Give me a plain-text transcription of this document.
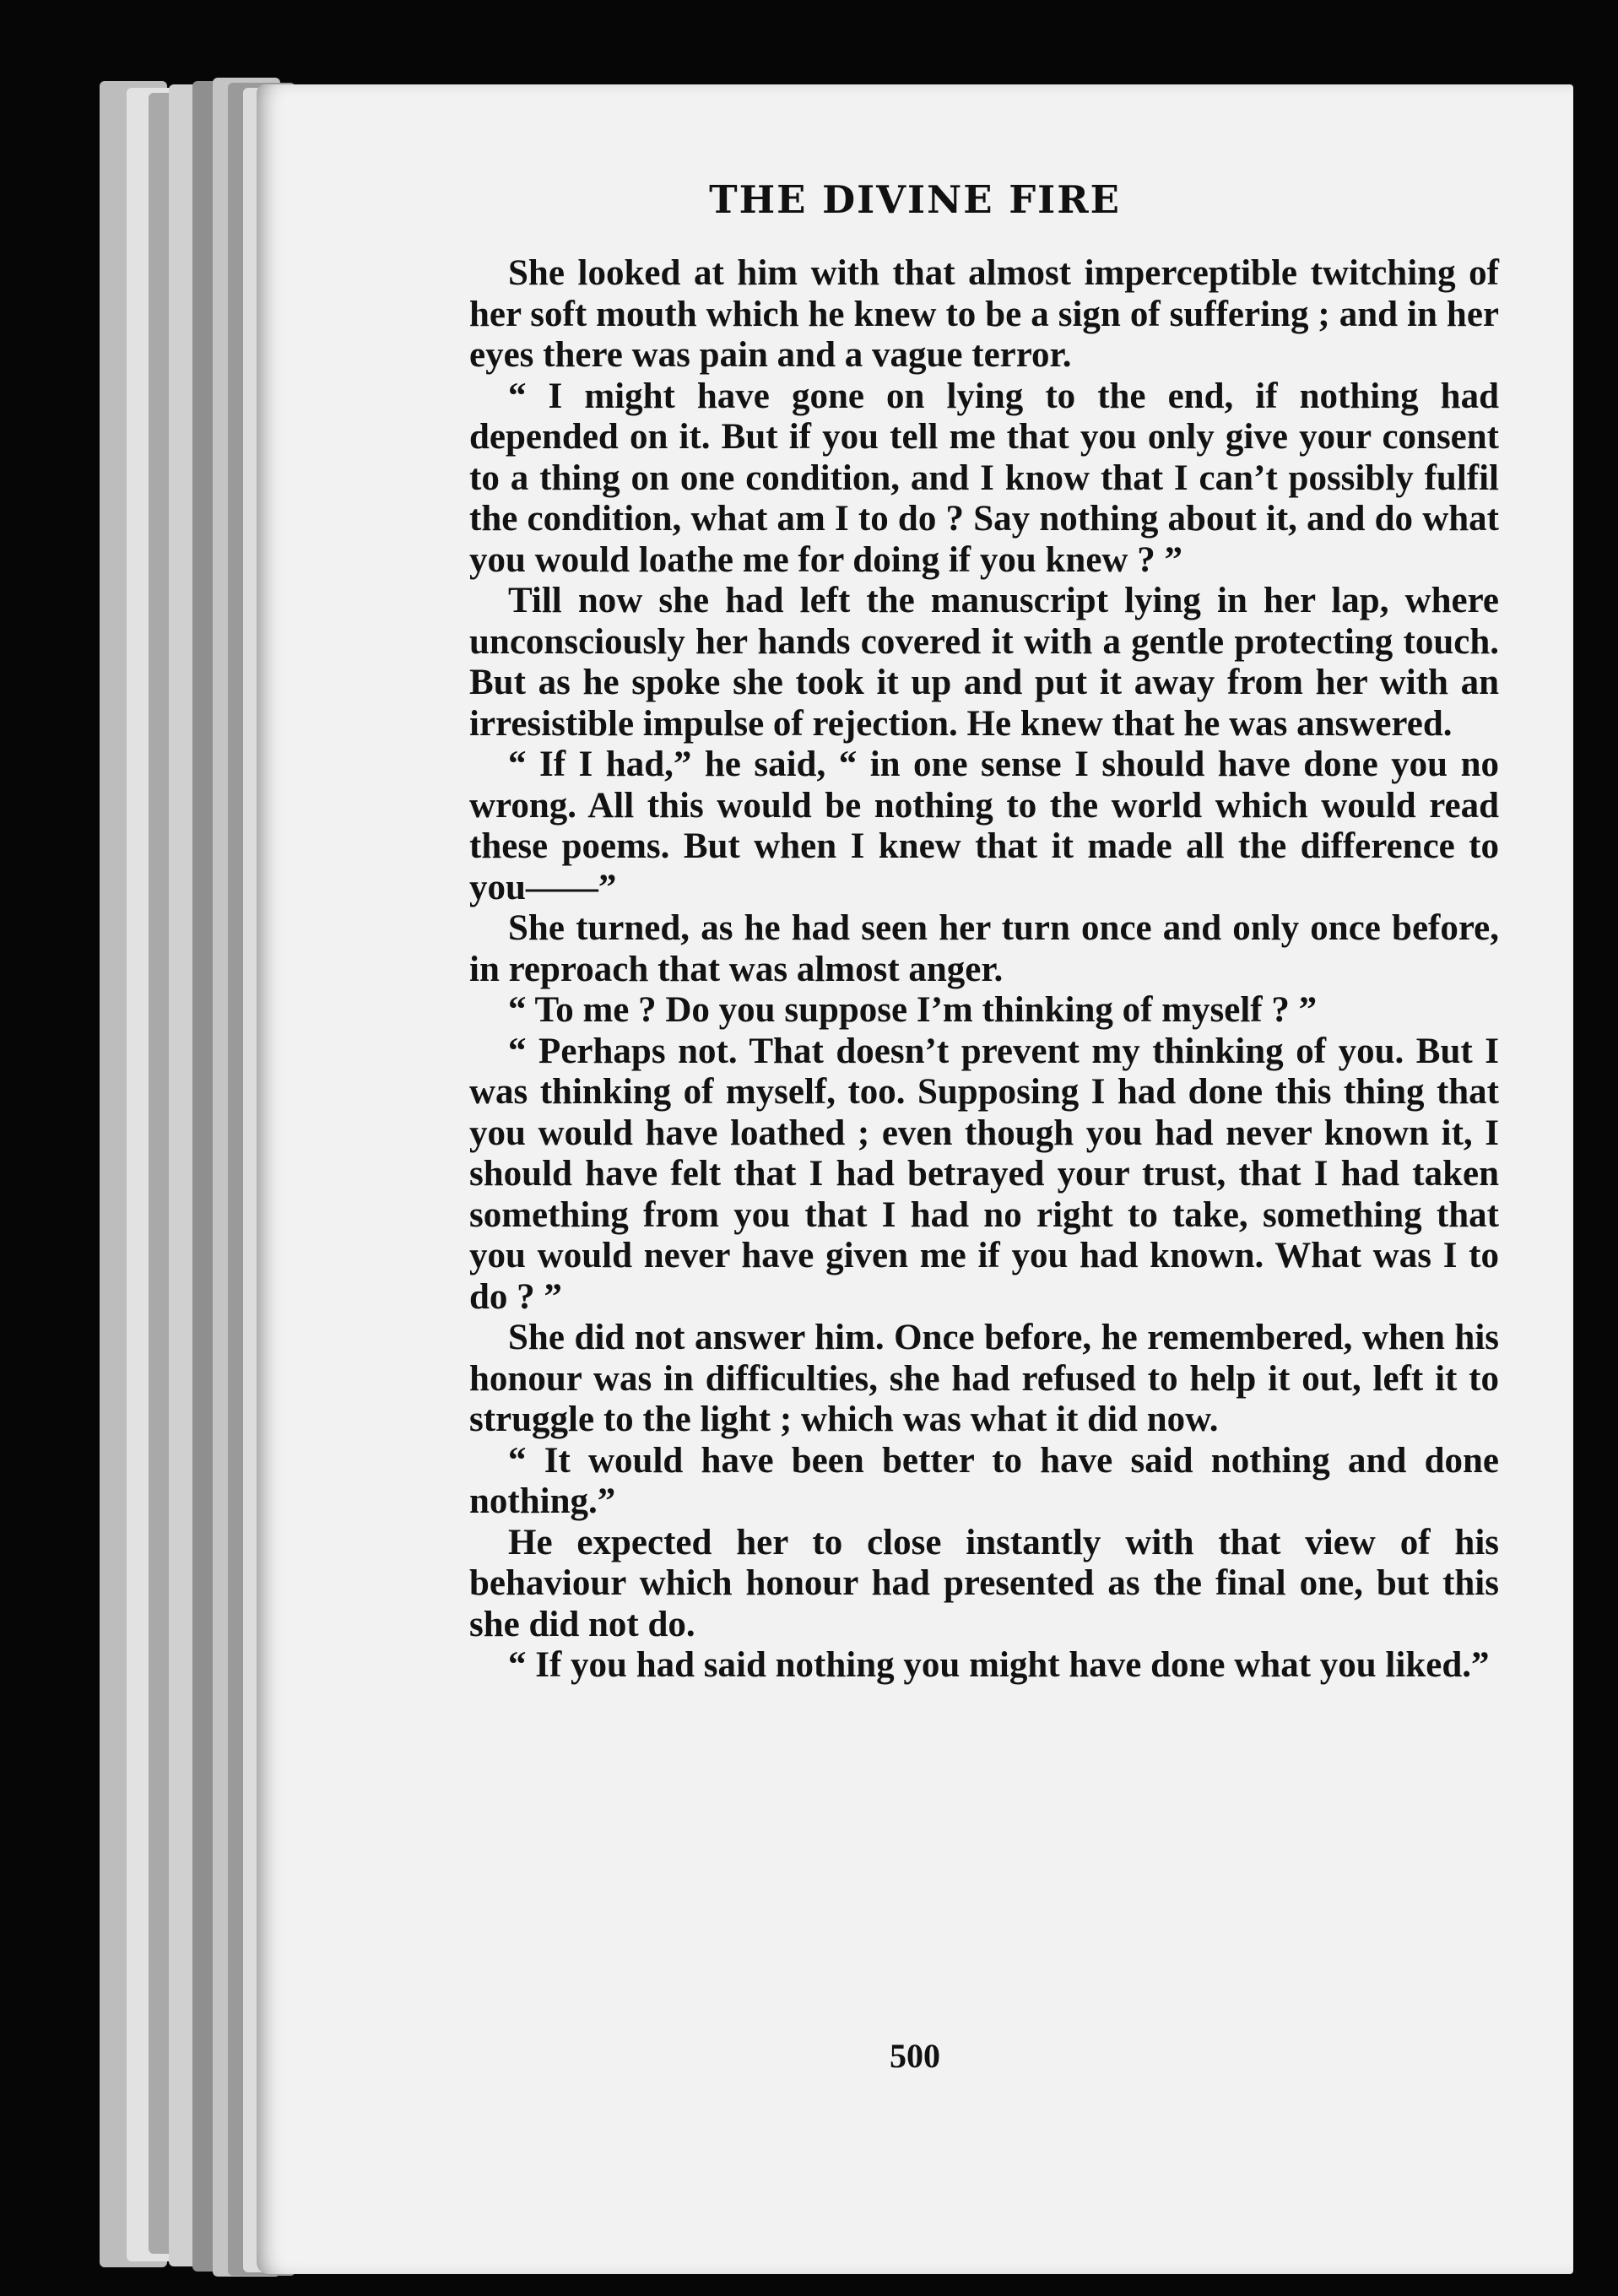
THE DIVINE FIRE

She looked at him with that almost imperceptible twitching of her soft mouth which he knew to be a sign of suffering ; and in her eyes there was pain and a vague terror.

“ I might have gone on lying to the end, if nothing had depended on it. But if you tell me that you only give your consent to a thing on one condition, and I know that I can’t possibly fulfil the condition, what am I to do ? Say nothing about it, and do what you would loathe me for doing if you knew ? ”

Till now she had left the manuscript lying in her lap, where unconsciously her hands covered it with a gentle protecting touch. But as he spoke she took it up and put it away from her with an irresistible impulse of rejection. He knew that he was answered.

“ If I had,” he said, “ in one sense I should have done you no wrong. All this would be nothing to the world which would read these poems. But when I knew that it made all the difference to you——”

She turned, as he had seen her turn once and only once before, in reproach that was almost anger.

“ To me ? Do you suppose I’m thinking of myself ? ”

“ Perhaps not. That doesn’t prevent my thinking of you. But I was thinking of myself, too. Supposing I had done this thing that you would have loathed ; even though you had never known it, I should have felt that I had betrayed your trust, that I had taken something from you that I had no right to take, something that you would never have given me if you had known. What was I to do ? ”

She did not answer him. Once before, he remembered, when his honour was in difficulties, she had refused to help it out, left it to struggle to the light ; which was what it did now.

“ It would have been better to have said nothing and done nothing.”

He expected her to close instantly with that view of his behaviour which honour had presented as the final one, but this she did not do.

“ If you had said nothing you might have done what you liked.”

500
